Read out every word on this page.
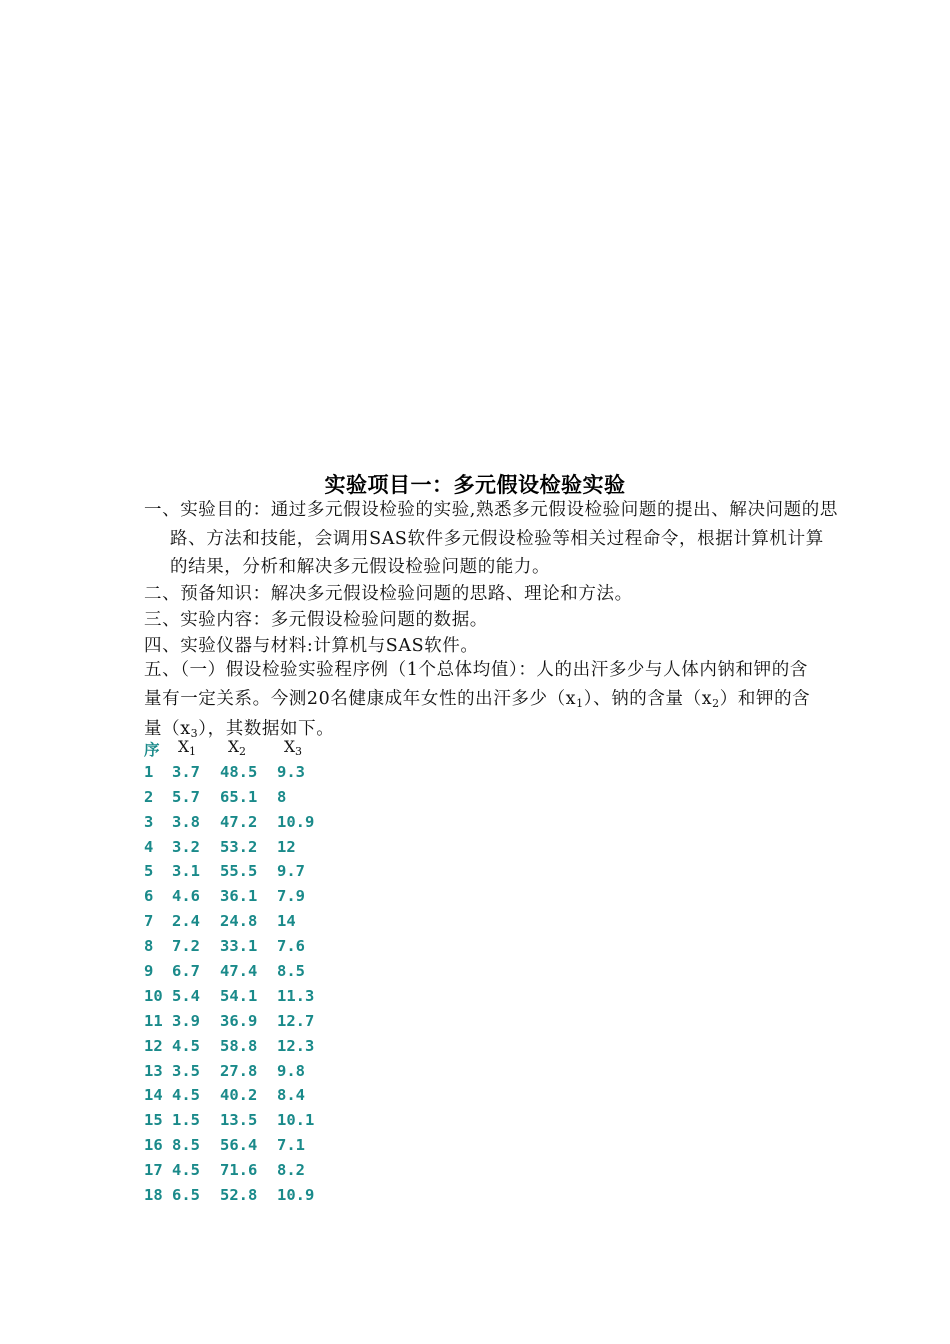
实验项目一：多元假设检验实验
一、实验目的：通过多元假设检验的实验,熟悉多元假设检验问题的提出、解决问题的思路、方法和技能，会调用SAS软件多元假设检验等相关过程命令，根据计算机计算的结果，分析和解决多元假设检验问题的能力。
二、预备知识：解决多元假设检验问题的思路、理论和方法。
三、实验内容：多元假设检验问题的数据。
四、实验仪器与材料:计算机与SAS软件。
五、（一）假设检验实验程序例（1个总体均值）：人的出汗多少与人体内钠和钾的含量有一定关系。今测20名健康成年女性的出汗多少$(x_1)$、钠的含量$(x_2)$和钾的含量$(x_3)$，其数据如下。

序

$X_1$

$X_2$

$X_3$

1 3.7 48.5 9.3
2 5.7 65.1 8
3 3.8 47.2 10.9
4 3.2 53.2 12
5 3.1 55.5 9.7
6 4.6 36.1 7.9
7 2.4 24.8 14
8 7.2 33.1 7.6
9 6.7 47.4 8.5
10 5.4 54.1 11.3
11 3.9 36.9 12.7
12 4.5 58.8 12.3
13 3.5 27.8 9.8
14 4.5 40.2 8.4
15 1.5 13.5 10.1
16 8.5 56.4 7.1
17 4.5 71.6 8.2
18 6.5 52.8 10.9
